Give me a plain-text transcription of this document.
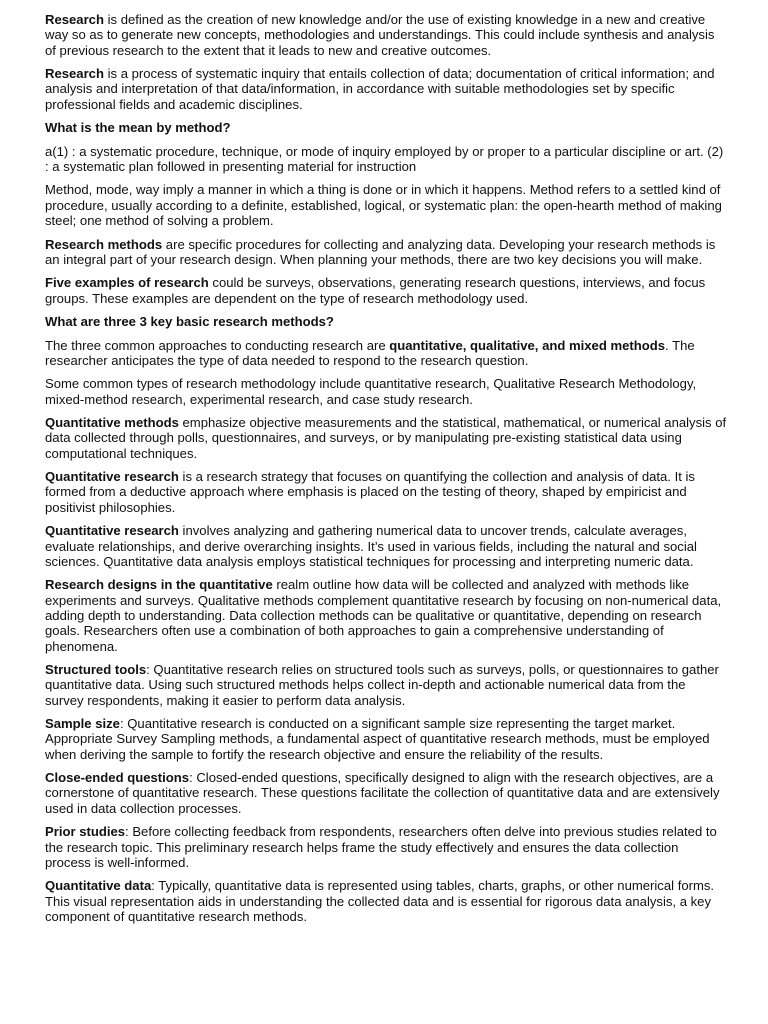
Research is defined as the creation of new knowledge and/or the use of existing knowledge in a new and creative way so as to generate new concepts, methodologies and understandings. This could include synthesis and analysis of previous research to the extent that it leads to new and creative outcomes.

Research is a process of systematic inquiry that entails collection of data; documentation of critical information; and analysis and interpretation of that data/information, in accordance with suitable methodologies set by specific professional fields and academic disciplines.

What is the mean by method?

a(1) : a systematic procedure, technique, or mode of inquiry employed by or proper to a particular discipline or art. (2) : a systematic plan followed in presenting material for instruction

Method, mode, way imply a manner in which a thing is done or in which it happens. Method refers to a settled kind of procedure, usually according to a definite, established, logical, or systematic plan: the open-hearth method of making steel; one method of solving a problem.

Research methods are specific procedures for collecting and analyzing data. Developing your research methods is an integral part of your research design. When planning your methods, there are two key decisions you will make.

Five examples of research could be surveys, observations, generating research questions, interviews, and focus groups. These examples are dependent on the type of research methodology used.

What are three 3 key basic research methods?

The three common approaches to conducting research are quantitative, qualitative, and mixed methods. The researcher anticipates the type of data needed to respond to the research question.

Some common types of research methodology include quantitative research, Qualitative Research Methodology, mixed-method research, experimental research, and case study research.

Quantitative methods emphasize objective measurements and the statistical, mathematical, or numerical analysis of data collected through polls, questionnaires, and surveys, or by manipulating pre-existing statistical data using computational techniques.

Quantitative research is a research strategy that focuses on quantifying the collection and analysis of data. It is formed from a deductive approach where emphasis is placed on the testing of theory, shaped by empiricist and positivist philosophies.

Quantitative research involves analyzing and gathering numerical data to uncover trends, calculate averages, evaluate relationships, and derive overarching insights. It’s used in various fields, including the natural and social sciences. Quantitative data analysis employs statistical techniques for processing and interpreting numeric data.

Research designs in the quantitative realm outline how data will be collected and analyzed with methods like experiments and surveys. Qualitative methods complement quantitative research by focusing on non-numerical data, adding depth to understanding. Data collection methods can be qualitative or quantitative, depending on research goals. Researchers often use a combination of both approaches to gain a comprehensive understanding of phenomena.

Structured tools: Quantitative research relies on structured tools such as surveys, polls, or questionnaires to gather quantitative data. Using such structured methods helps collect in-depth and actionable numerical data from the survey respondents, making it easier to perform data analysis.

Sample size: Quantitative research is conducted on a significant sample size representing the target market. Appropriate Survey Sampling methods, a fundamental aspect of quantitative research methods, must be employed when deriving the sample to fortify the research objective and ensure the reliability of the results.

Close-ended questions: Closed-ended questions, specifically designed to align with the research objectives, are a cornerstone of quantitative research. These questions facilitate the collection of quantitative data and are extensively used in data collection processes.

Prior studies: Before collecting feedback from respondents, researchers often delve into previous studies related to the research topic. This preliminary research helps frame the study effectively and ensures the data collection process is well-informed.

Quantitative data: Typically, quantitative data is represented using tables, charts, graphs, or other numerical forms. This visual representation aids in understanding the collected data and is essential for rigorous data analysis, a key component of quantitative research methods.
